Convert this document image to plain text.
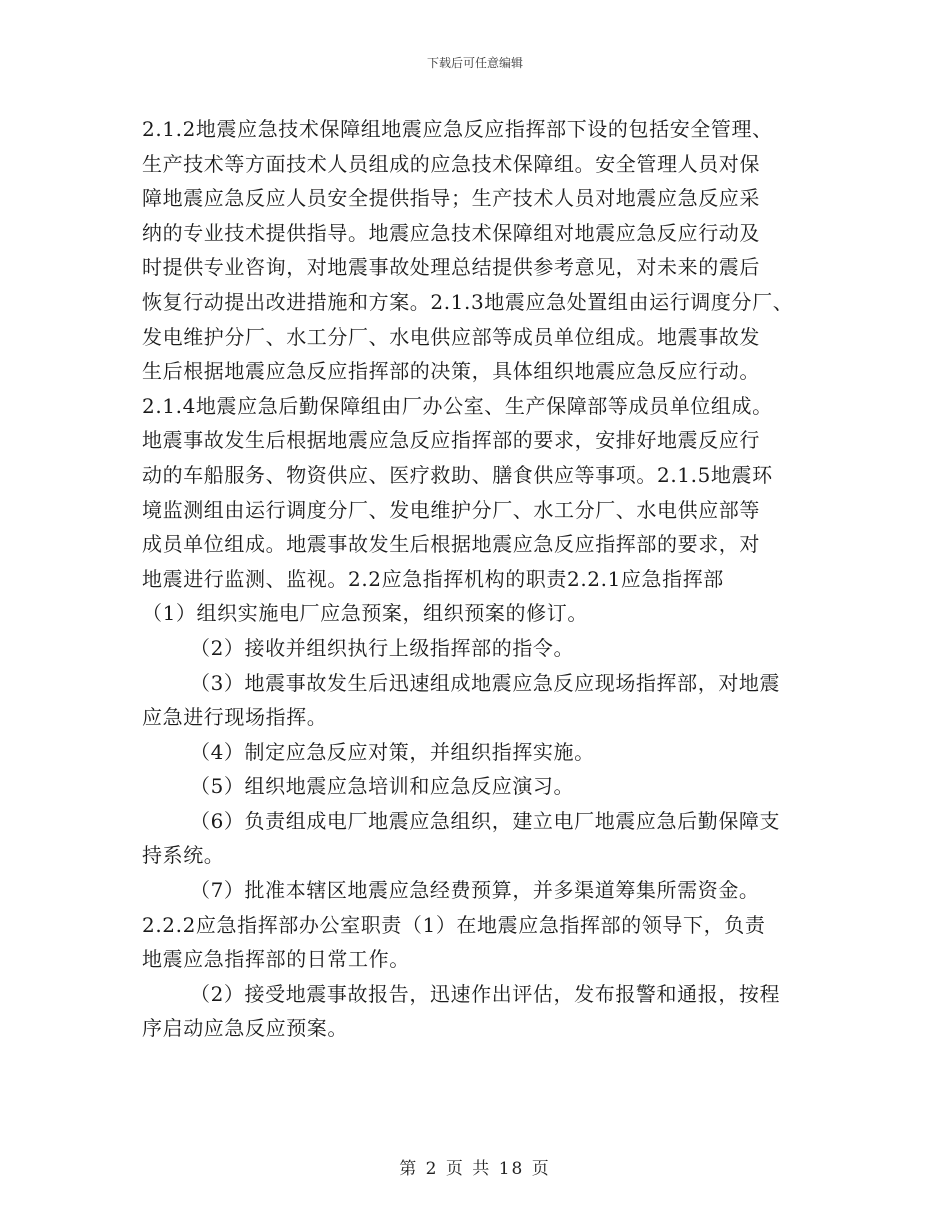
下载后可任意编辑
2.1.2地震应急技术保障组地震应急反应指挥部下设的包括安全管理、
生产技术等方面技术人员组成的应急技术保障组。安全管理人员对保
障地震应急反应人员安全提供指导；生产技术人员对地震应急反应采
纳的专业技术提供指导。地震应急技术保障组对地震应急反应行动及
时提供专业咨询，对地震事故处理总结提供参考意见，对未来的震后
恢复行动提出改进措施和方案。2.1.3地震应急处置组由运行调度分厂、
发电维护分厂、水工分厂、水电供应部等成员单位组成。地震事故发
生后根据地震应急反应指挥部的决策，具体组织地震应急反应行动。
2.1.4地震应急后勤保障组由厂办公室、生产保障部等成员单位组成。
地震事故发生后根据地震应急反应指挥部的要求，安排好地震反应行
动的车船服务、物资供应、医疗救助、膳食供应等事项。2.1.5地震环
境监测组由运行调度分厂、发电维护分厂、水工分厂、水电供应部等
成员单位组成。地震事故发生后根据地震应急反应指挥部的要求，对
地震进行监测、监视。2.2应急指挥机构的职责2.2.1应急指挥部
（1）组织实施电厂应急预案，组织预案的修订。
（2）接收并组织执行上级指挥部的指令。
（3）地震事故发生后迅速组成地震应急反应现场指挥部，对地震
应急进行现场指挥。
（4）制定应急反应对策，并组织指挥实施。
（5）组织地震应急培训和应急反应演习。
（6）负责组成电厂地震应急组织，建立电厂地震应急后勤保障支
持系统。
（7）批准本辖区地震应急经费预算，并多渠道筹集所需资金。
2.2.2应急指挥部办公室职责（1）在地震应急指挥部的领导下，负责
地震应急指挥部的日常工作。
（2）接受地震事故报告，迅速作出评估，发布报警和通报，按程
序启动应急反应预案。
第 2 页 共 18 页
